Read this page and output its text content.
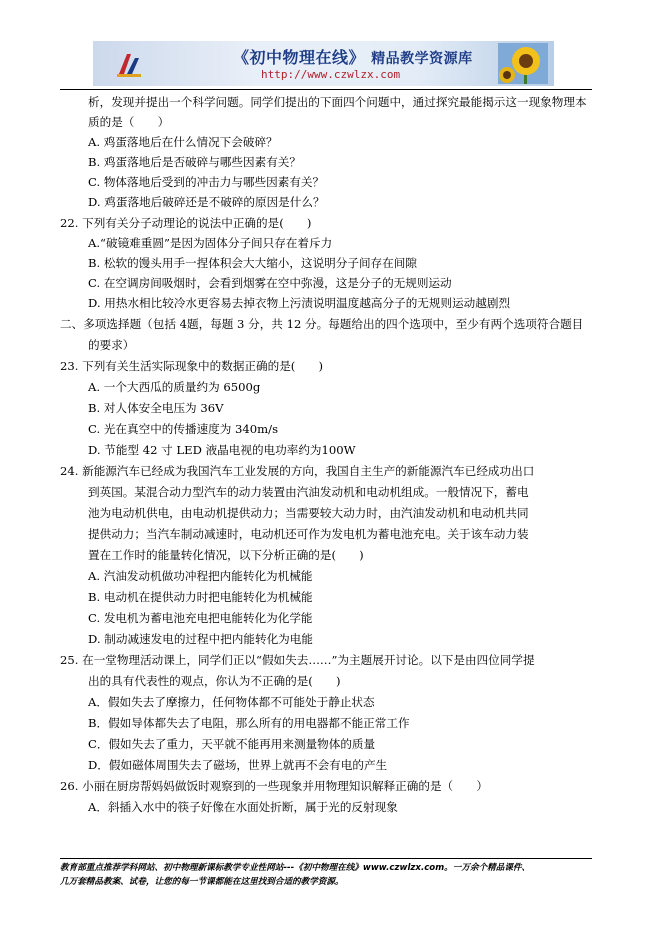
《初中物理在线》 精品教学资源库
http://www.czwlzx.com
析，发现并提出一个科学问题。同学们提出的下面四个问题中，通过探究最能揭示这一现象物理本
质的是（　　）
A. 鸡蛋落地后在什么情况下会破碎？
B. 鸡蛋落地后是否破碎与哪些因素有关？
C. 物体落地后受到的冲击力与哪些因素有关？
D. 鸡蛋落地后破碎还是不破碎的原因是什么？
22. 下列有关分子动理论的说法中正确的是(　　)
A.“破镜难重圆”是因为固体分子间只存在着斥力
B. 松软的馒头用手一捏体积会大大缩小，这说明分子间存在间隙
C. 在空调房间吸烟时，会看到烟雾在空中弥漫，这是分子的无规则运动
D. 用热水相比较冷水更容易去掉衣物上污渍说明温度越高分子的无规则运动越剧烈
二、多项选择题（包括 4题，每题 3 分，共 12 分。每题给出的四个选项中，至少有两个选项符合题目
的要求）
23. 下列有关生活实际现象中的数据正确的是(　　)
A. 一个大西瓜的质量约为 6500g
B. 对人体安全电压为 36V
C. 光在真空中的传播速度为 340m/s
D. 节能型 42 寸 LED 液晶电视的电功率约为100W
24. 新能源汽车已经成为我国汽车工业发展的方向，我国自主生产的新能源汽车已经成功出口
到英国。某混合动力型汽车的动力装置由汽油发动机和电动机组成。一般情况下，蓄电
池为电动机供电，由电动机提供动力；当需要较大动力时，由汽油发动机和电动机共同
提供动力；当汽车制动减速时，电动机还可作为发电机为蓄电池充电。关于该车动力装
置在工作时的能量转化情况，以下分析正确的是(　　)
A. 汽油发动机做功冲程把内能转化为机械能
B. 电动机在提供动力时把电能转化为机械能
C. 发电机为蓄电池充电把电能转化为化学能
D. 制动减速发电的过程中把内能转化为电能
25. 在一堂物理活动课上，同学们正以“假如失去……”为主题展开讨论。以下是由四位同学提
出的具有代表性的观点，你认为不正确的是(　　)
A．假如失去了摩擦力，任何物体都不可能处于静止状态
B．假如导体都失去了电阻，那么所有的用电器都不能正常工作
C．假如失去了重力，天平就不能再用来测量物体的质量
D．假如磁体周围失去了磁场，世界上就再不会有电的产生
26. 小丽在厨房帮妈妈做饭时观察到的一些现象并用物理知识解释正确的是（　　）
A．斜插入水中的筷子好像在水面处折断，属于光的反射现象
教育部重点推荐学科网站、初中物理新课标教学专业性网站---《初中物理在线》www.czwlzx.com。一万余个精品课件、
几万套精品教案、试卷，让您的每一节课都能在这里找到合适的教学资源。
